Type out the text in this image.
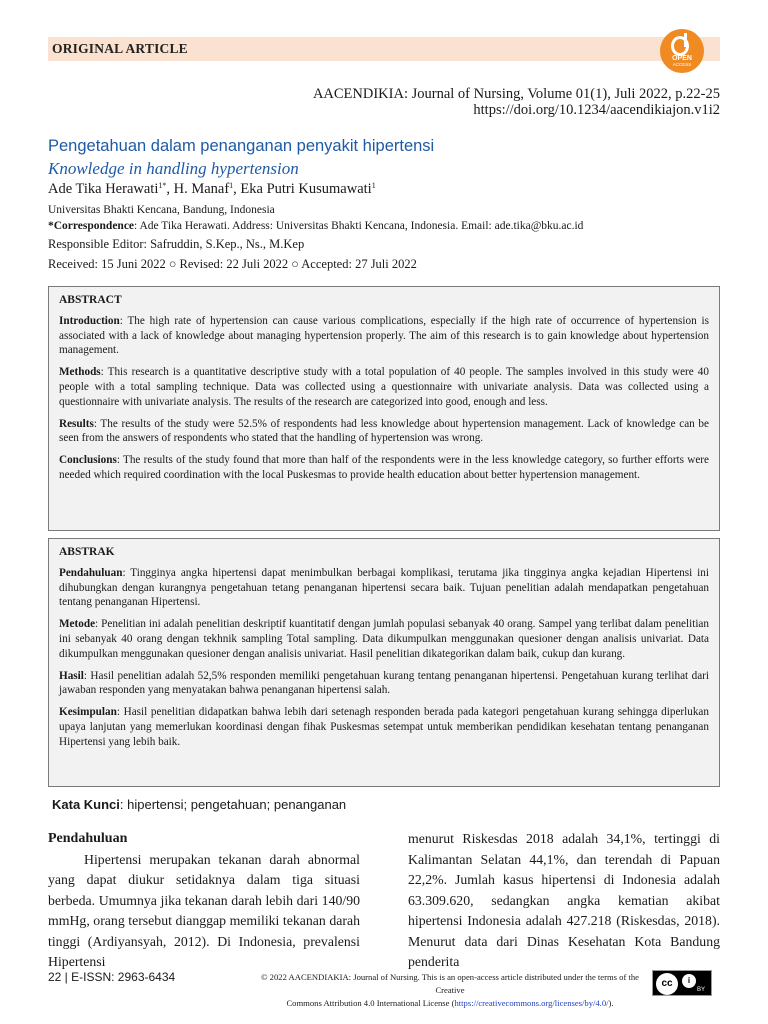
ORIGINAL ARTICLE
OPEN
ACCESS
AACENDIKIA: Journal of Nursing, Volume 01(1), Juli 2022, p.22-25
https://doi.org/10.1234/aacendikiajon.v1i2
Pengetahuan dalam penanganan penyakit hipertensi
Knowledge in handling hypertension
Ade Tika Herawati$^{1*}$, H. Manaf$^1$, Eka Putri Kusumawati$^1$
Universitas Bhakti Kencana, Bandung, Indonesia
*Correspondence: Ade Tika Herawati. Address: Universitas Bhakti Kencana, Indonesia. Email: ade.tika@bku.ac.id
Responsible Editor: Safruddin, S.Kep., Ns., M.Kep
Received: 15 Juni 2022 ○ Revised: 22 Juli 2022 ○ Accepted: 27 Juli 2022
ABSTRACT

Introduction: The high rate of hypertension can cause various complications, especially if the high rate of occurrence of hypertension is associated with a lack of knowledge about managing hypertension properly. The aim of this research is to gain knowledge about hypertension management.

Methods: This research is a quantitative descriptive study with a total population of 40 people. The samples involved in this study were 40 people with a total sampling technique. Data was collected using a questionnaire with univariate analysis. Data was collected using a questionnaire with univariate analysis. The results of the research are categorized into good, enough and less.

Results: The results of the study were 52.5% of respondents had less knowledge about hypertension management. Lack of knowledge can be seen from the answers of respondents who stated that the handling of hypertension was wrong.

Conclusions: The results of the study found that more than half of the respondents were in the less knowledge category, so further efforts were needed which required coordination with the local Puskesmas to provide health education about better hypertension management.

ABSTRAK

Pendahuluan: Tingginya angka hipertensi dapat menimbulkan berbagai komplikasi, terutama jika tingginya angka kejadian Hipertensi ini dihubungkan dengan kurangnya pengetahuan tetang penanganan hipertensi secara baik. Tujuan penelitian adalah mendapatkan pengetahuan tentang penanganan Hipertensi.

Metode: Penelitian ini adalah penelitian deskriptif kuantitatif dengan jumlah populasi sebanyak 40 orang. Sampel yang terlibat dalam penelitian ini sebanyak 40 orang dengan tekhnik sampling Total sampling. Data dikumpulkan menggunakan quesioner dengan analisis univariat. Data dikumpulkan menggunakan quesioner dengan analisis univariat. Hasil penelitian dikategorikan dalam baik, cukup dan kurang.

Hasil: Hasil penelitian adalah 52,5% responden memiliki pengetahuan kurang tentang penanganan hipertensi. Pengetahuan kurang terlihat dari jawaban responden yang menyatakan bahwa penanganan hipertensi salah.

Kesimpulan: Hasil penelitian didapatkan bahwa lebih dari setenagh responden berada pada kategori pengetahuan kurang sehingga diperlukan upaya lanjutan yang memerlukan koordinasi dengan fihak Puskesmas setempat untuk memberikan pendidikan kesehatan tentang penanganan Hipertensi yang lebih baik.

Kata Kunci: hipertensi; pengetahuan; penanganan
Pendahuluan
Hipertensi merupakan tekanan darah abnormal yang dapat diukur setidaknya dalam tiga situasi berbeda. Umumnya jika tekanan darah lebih dari 140/90 mmHg, orang tersebut dianggap memiliki tekanan darah tinggi (Ardiyansyah, 2012). Di Indonesia, prevalensi Hipertensi
menurut Riskesdas 2018 adalah 34,1%, tertinggi di Kalimantan Selatan 44,1%, dan terendah di Papuan 22,2%. Jumlah kasus hipertensi di Indonesia adalah 63.309.620, sedangkan angka kematian akibat hipertensi Indonesia adalah 427.218 (Riskesdas, 2018). Menurut data dari Dinas Kesehatan Kota Bandung penderita
22 | E-ISSN: 2963-6434	© 2022 AACENDIAKIA: Journal of Nursing. This is an open-access article distributed under the terms of the Creative
Commons Attribution 4.0 International License (https://creativecommons.org/licenses/by/4.0/).
cc	i
BY
